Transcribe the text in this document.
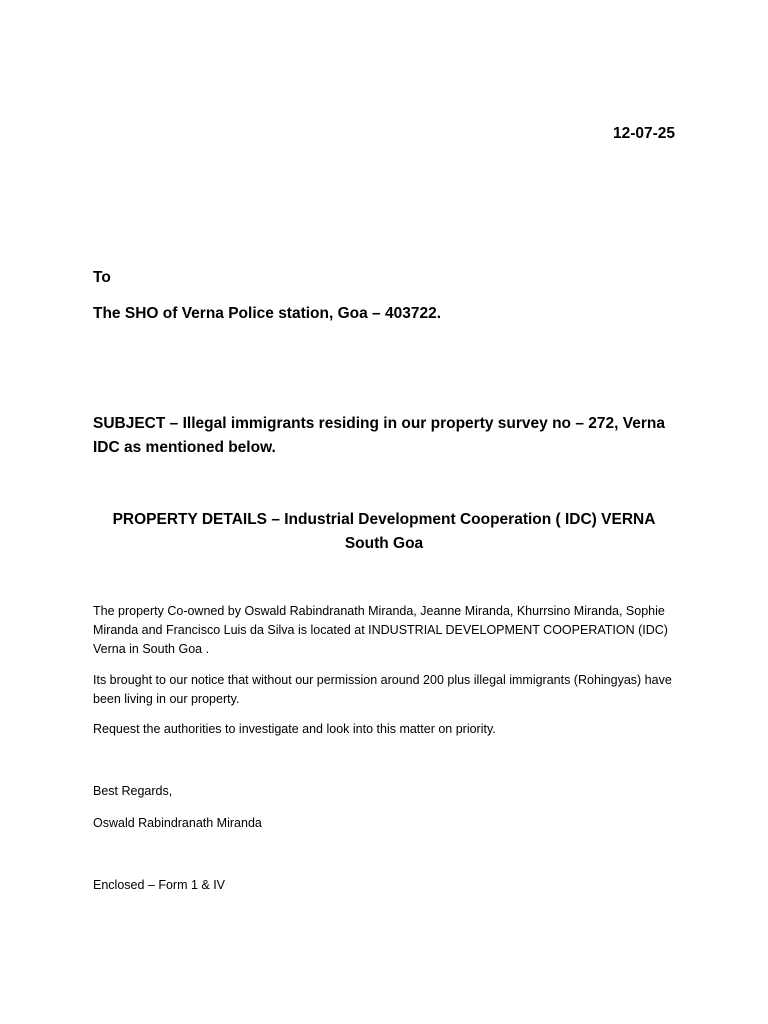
12-07-25
To
The SHO of Verna Police station, Goa – 403722.
SUBJECT – Illegal immigrants residing in our property survey no – 272, Verna IDC as mentioned below.
PROPERTY DETAILS – Industrial Development Cooperation ( IDC) VERNA South Goa
The property Co-owned by Oswald Rabindranath Miranda, Jeanne Miranda, Khurrsino Miranda, Sophie Miranda and Francisco Luis da Silva is located at INDUSTRIAL DEVELOPMENT COOPERATION (IDC) Verna in South Goa .
Its brought to our notice that without our permission around 200 plus illegal immigrants (Rohingyas) have been living in our property.
Request the authorities to investigate and look into this matter on priority.
Best Regards,
Oswald Rabindranath Miranda
Enclosed – Form 1 & IV
